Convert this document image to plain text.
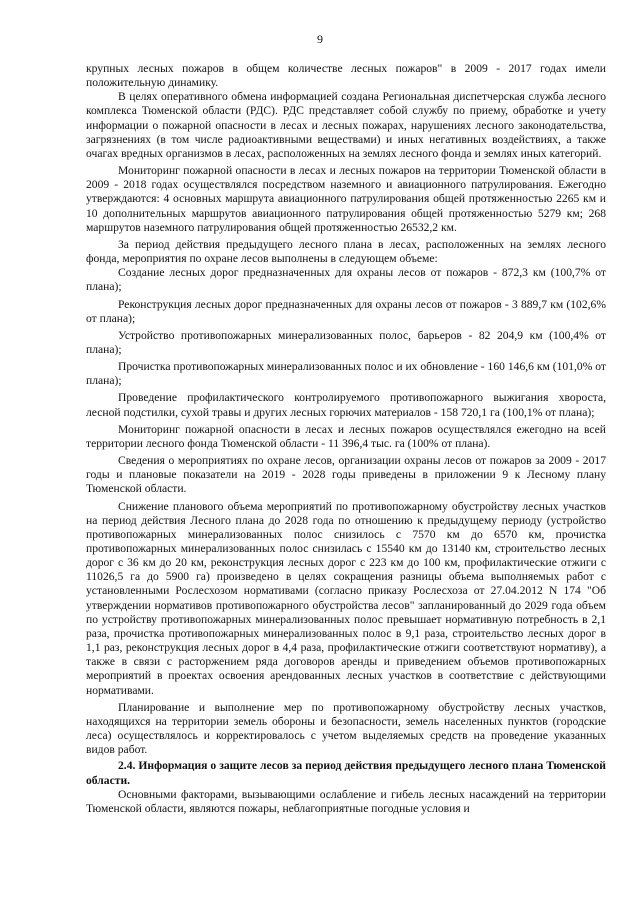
9

крупных лесных пожаров в общем количестве лесных пожаров" в 2009 - 2017 годах имели положительную динамику.

В целях оперативного обмена информацией создана Региональная диспетчерская служба лесного комплекса Тюменской области (РДС). РДС представляет собой службу по приему, обработке и учету информации о пожарной опасности в лесах и лесных пожарах, нарушениях лесного законодательства, загрязнениях (в том числе радиоактивными веществами) и иных негативных воздействиях, а также очагах вредных организмов в лесах, расположенных на землях лесного фонда и землях иных категорий.

Мониторинг пожарной опасности в лесах и лесных пожаров на территории Тюменской области в 2009 - 2018 годах осуществлялся посредством наземного и авиационного патрулирования. Ежегодно утверждаются: 4 основных маршрута авиационного патрулирования общей протяженностью 2265 км и 10 дополнительных маршрутов авиационного патрулирования общей протяженностью 5279 км; 268 маршрутов наземного патрулирования общей протяженностью 26532,2 км.

За период действия предыдущего лесного плана в лесах, расположенных на землях лесного фонда, мероприятия по охране лесов выполнены в следующем объеме:

Создание лесных дорог предназначенных для охраны лесов от пожаров - 872,3 км (100,7% от плана);

Реконструкция лесных дорог предназначенных для охраны лесов от пожаров - 3 889,7 км (102,6% от плана);

Устройство противопожарных минерализованных полос, барьеров - 82 204,9 км (100,4% от плана);

Прочистка противопожарных минерализованных полос и их обновление - 160 146,6 км (101,0% от плана);

Проведение профилактического контролируемого противопожарного выжигания хвороста, лесной подстилки, сухой травы и других лесных горючих материалов - 158 720,1 га (100,1% от плана);

Мониторинг пожарной опасности в лесах и лесных пожаров осуществлялся ежегодно на всей территории лесного фонда Тюменской области - 11 396,4 тыс. га (100% от плана).

Сведения о мероприятиях по охране лесов, организации охраны лесов от пожаров за 2009 - 2017 годы и плановые показатели на 2019 - 2028 годы приведены в приложении 9 к Лесному плану Тюменской области.

Снижение планового объема мероприятий по противопожарному обустройству лесных участков на период действия Лесного плана до 2028 года по отношению к предыдущему периоду (устройство противопожарных минерализованных полос снизилось с 7570 км до 6570 км, прочистка противопожарных минерализованных полос снизилась с 15540 км до 13140 км, строительство лесных дорог с 36 км до 20 км, реконструкция лесных дорог с 223 км до 100 км, профилактические отжиги с 11026,5 га до 5900 га) произведено в целях сокращения разницы объема выполняемых работ с установленными Рослесхозом нормативами (согласно приказу Рослесхоза от 27.04.2012 N 174 "Об утверждении нормативов противопожарного обустройства лесов" запланированный до 2029 года объем по устройству противопожарных минерализованных полос превышает нормативную потребность в 2,1 раза, прочистка противопожарных минерализованных полос в 9,1 раза, строительство лесных дорог в 1,1 раз, реконструкция лесных дорог в 4,4 раза, профилактические отжиги соответствуют нормативу), а также в связи с расторжением ряда договоров аренды и приведением объемов противопожарных мероприятий в проектах освоения арендованных лесных участков в соответствие с действующими нормативами.

Планирование и выполнение мер по противопожарному обустройству лесных участков, находящихся на территории земель обороны и безопасности, земель населенных пунктов (городские леса) осуществлялось и корректировалось с учетом выделяемых средств на проведение указанных видов работ.

2.4. Информация о защите лесов за период действия предыдущего лесного плана Тюменской области.

Основными факторами, вызывающими ослабление и гибель лесных насаждений на территории Тюменской области, являются пожары, неблагоприятные погодные условия и
